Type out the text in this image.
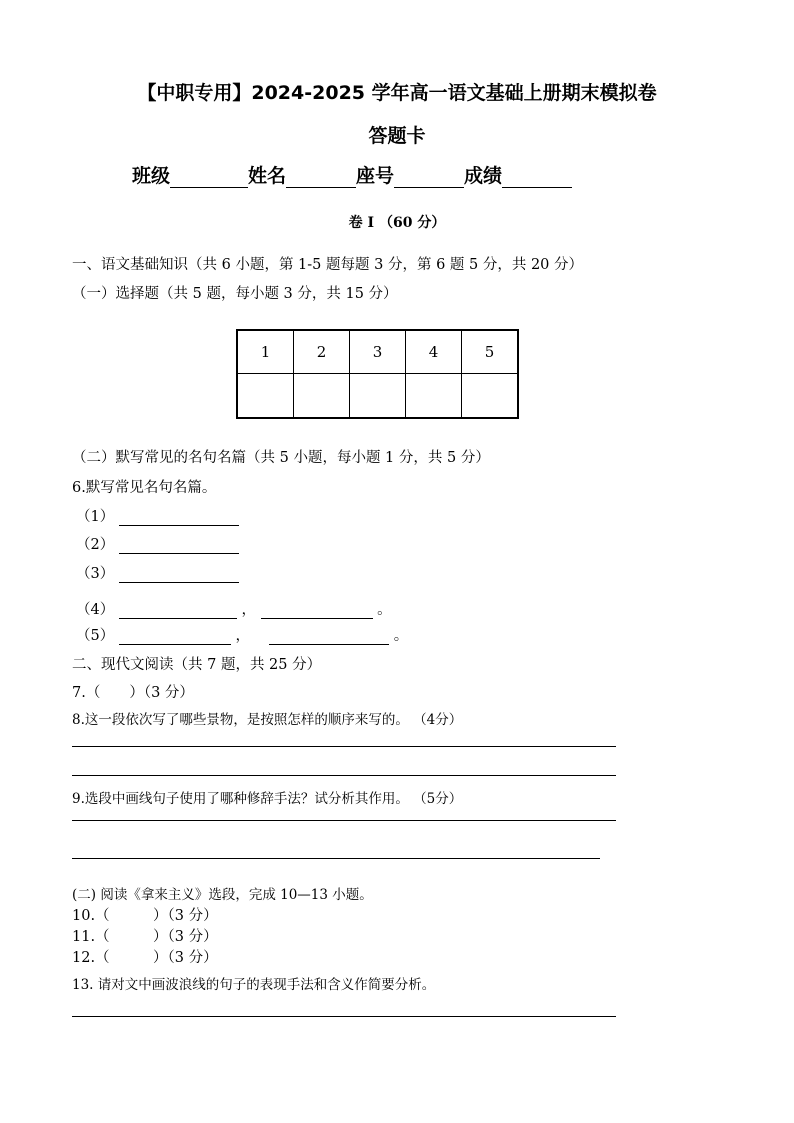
【中职专用】2024-2025 学年高一语文基础上册期末模拟卷
答题卡
班级	姓名	座号	成绩
卷 I （60 分）
一、语文基础知识（共 6 小题，第 1-5 题每题 3 分，第 6 题 5 分，共 20 分）
（一）选择题（共 5 题，每小题 3 分，共 15 分）
1	2	3	4	5

（二）默写常见的名句名篇（共 5 小题，每小题 1 分，共 5 分）
6.默写常见名句名篇。
（1）
（2）
（3）
（4）	，	。
（5）	，	。
二、现代文阅读（共 7 题，共 25 分）
7.（　　）（3 分）
8.这一段依次写了哪些景物，是按照怎样的顺序来写的。 （4分）
9.选段中画线句子使用了哪种修辞手法？试分析其作用。 （5分）
(二) 阅读《拿来主义》选段，完成 10—13 小题。
10.（　　　）（3 分）
11.（　　　）（3 分）
12.（　　　）（3 分）
13. 请对文中画波浪线的句子的表现手法和含义作简要分析。
